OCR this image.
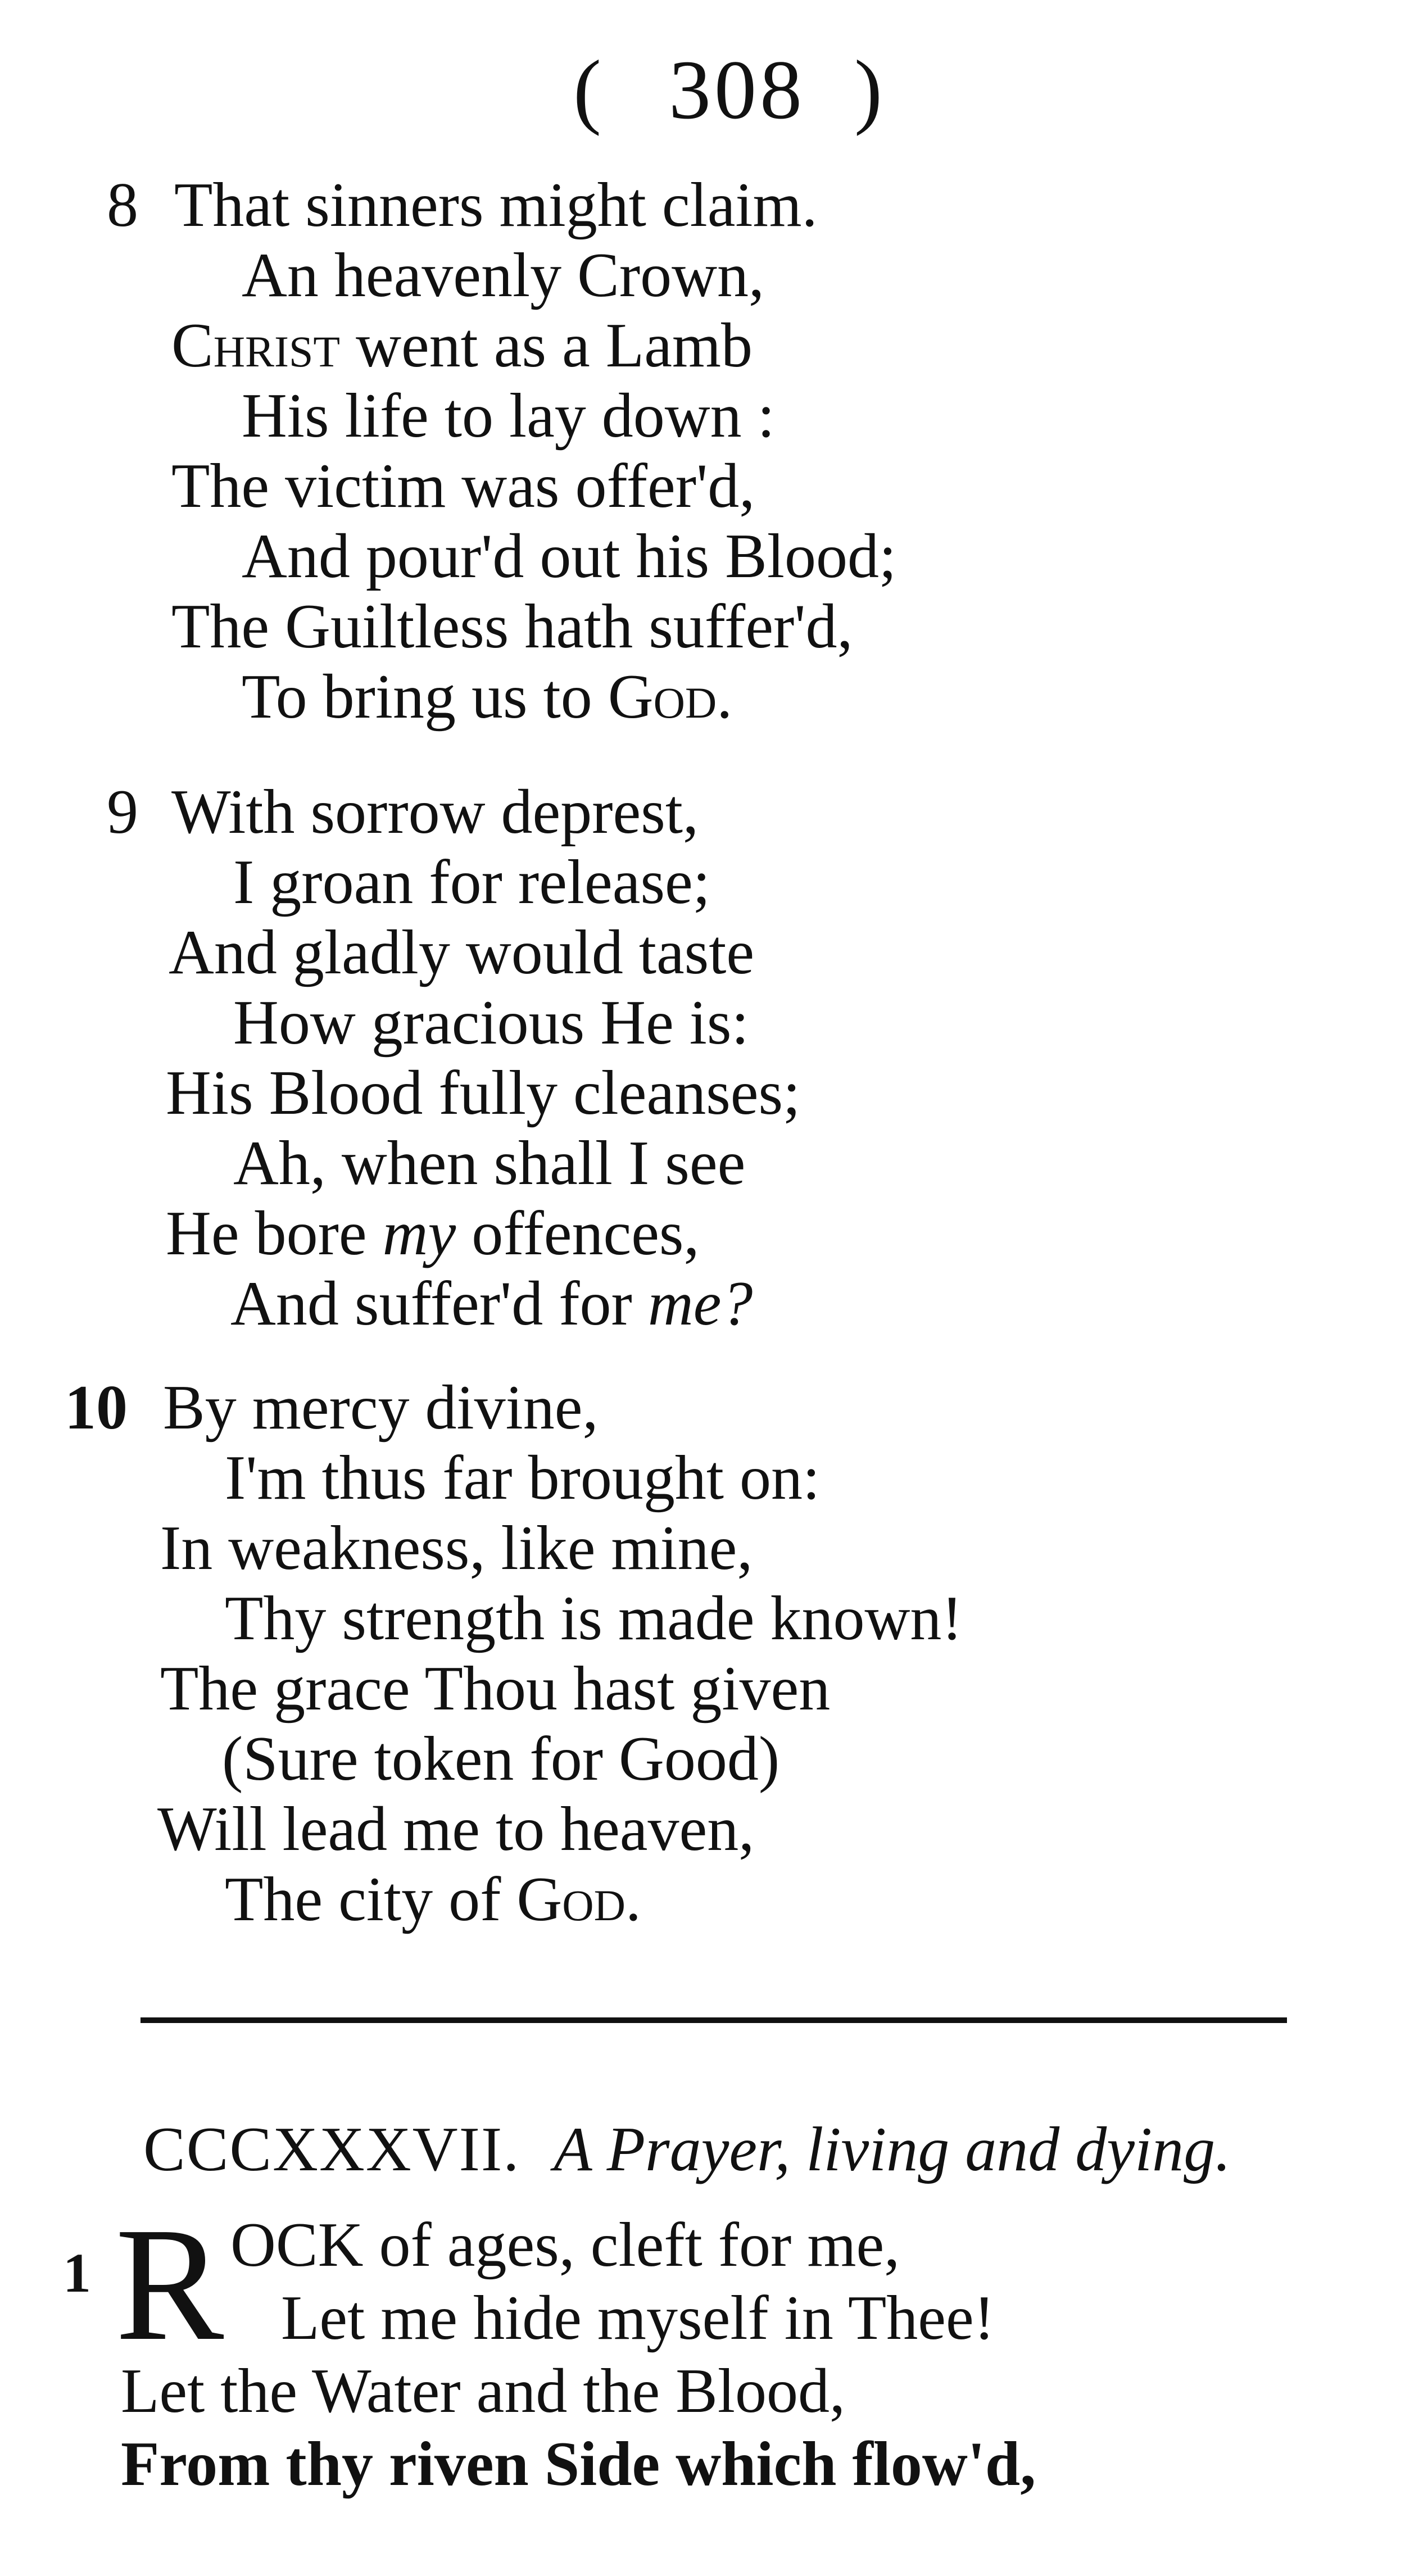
( 308 )
8 That sinners might claim.
An heavenly Crown,
Christ went as a Lamb
His life to lay down :
The victim was offer'd,
And pour'd out his Blood;
The Guiltless hath suffer'd,
To bring us to God.
9 With sorrow deprest,
I groan for release;
And gladly would taste
How gracious He is:
His Blood fully cleanses;
Ah, when shall I see
He bore my offences,
And suffer'd for me?
10 By mercy divine,
I'm thus far brought on:
In weakness, like mine,
Thy strength is made known!
The grace Thou hast given
(Sure token for Good)
Will lead me to heaven,
The city of God.
CCCXXXVII. A Prayer, living and dying.
1 R OCK of ages, cleft for me,
Let me hide myself in Thee!
Let the Water and the Blood,
From thy riven Side which flow'd,
